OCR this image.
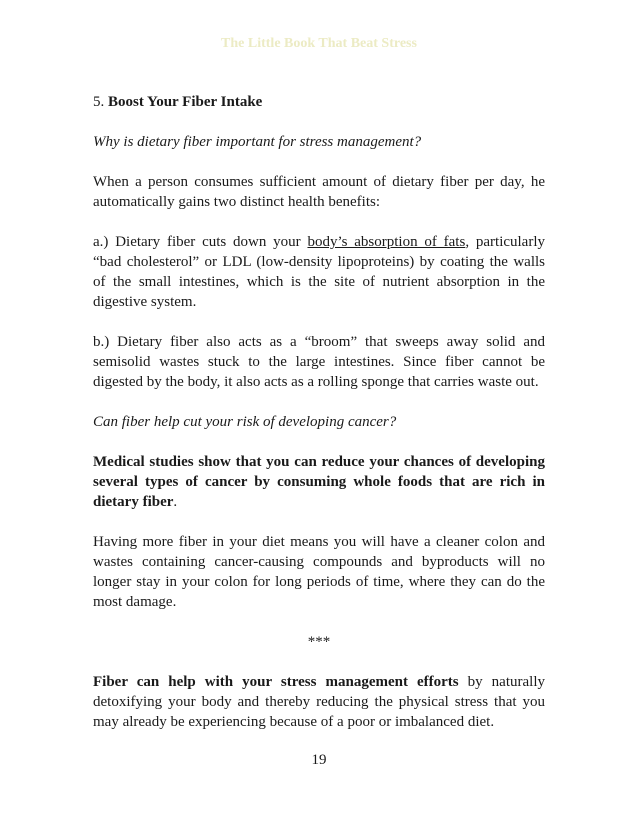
The Little Book That Beat Stress

5. Boost Your Fiber Intake

Why is dietary fiber important for stress management?

When a person consumes sufficient amount of dietary fiber per day, he automatically gains two distinct health benefits:

a.) Dietary fiber cuts down your body’s absorption of fats, particularly “bad cholesterol” or LDL (low-density lipoproteins) by coating the walls of the small intestines, which is the site of nutrient absorption in the digestive system.

b.) Dietary fiber also acts as a “broom” that sweeps away solid and semisolid wastes stuck to the large intestines. Since fiber cannot be digested by the body, it also acts as a rolling sponge that carries waste out.

Can fiber help cut your risk of developing cancer?

Medical studies show that you can reduce your chances of developing several types of cancer by consuming whole foods that are rich in dietary fiber.

Having more fiber in your diet means you will have a cleaner colon and wastes containing cancer-causing compounds and byproducts will no longer stay in your colon for long periods of time, where they can do the most damage.

***

Fiber can help with your stress management efforts by naturally detoxifying your body and thereby reducing the physical stress that you may already be experiencing because of a poor or imbalanced diet.

19
